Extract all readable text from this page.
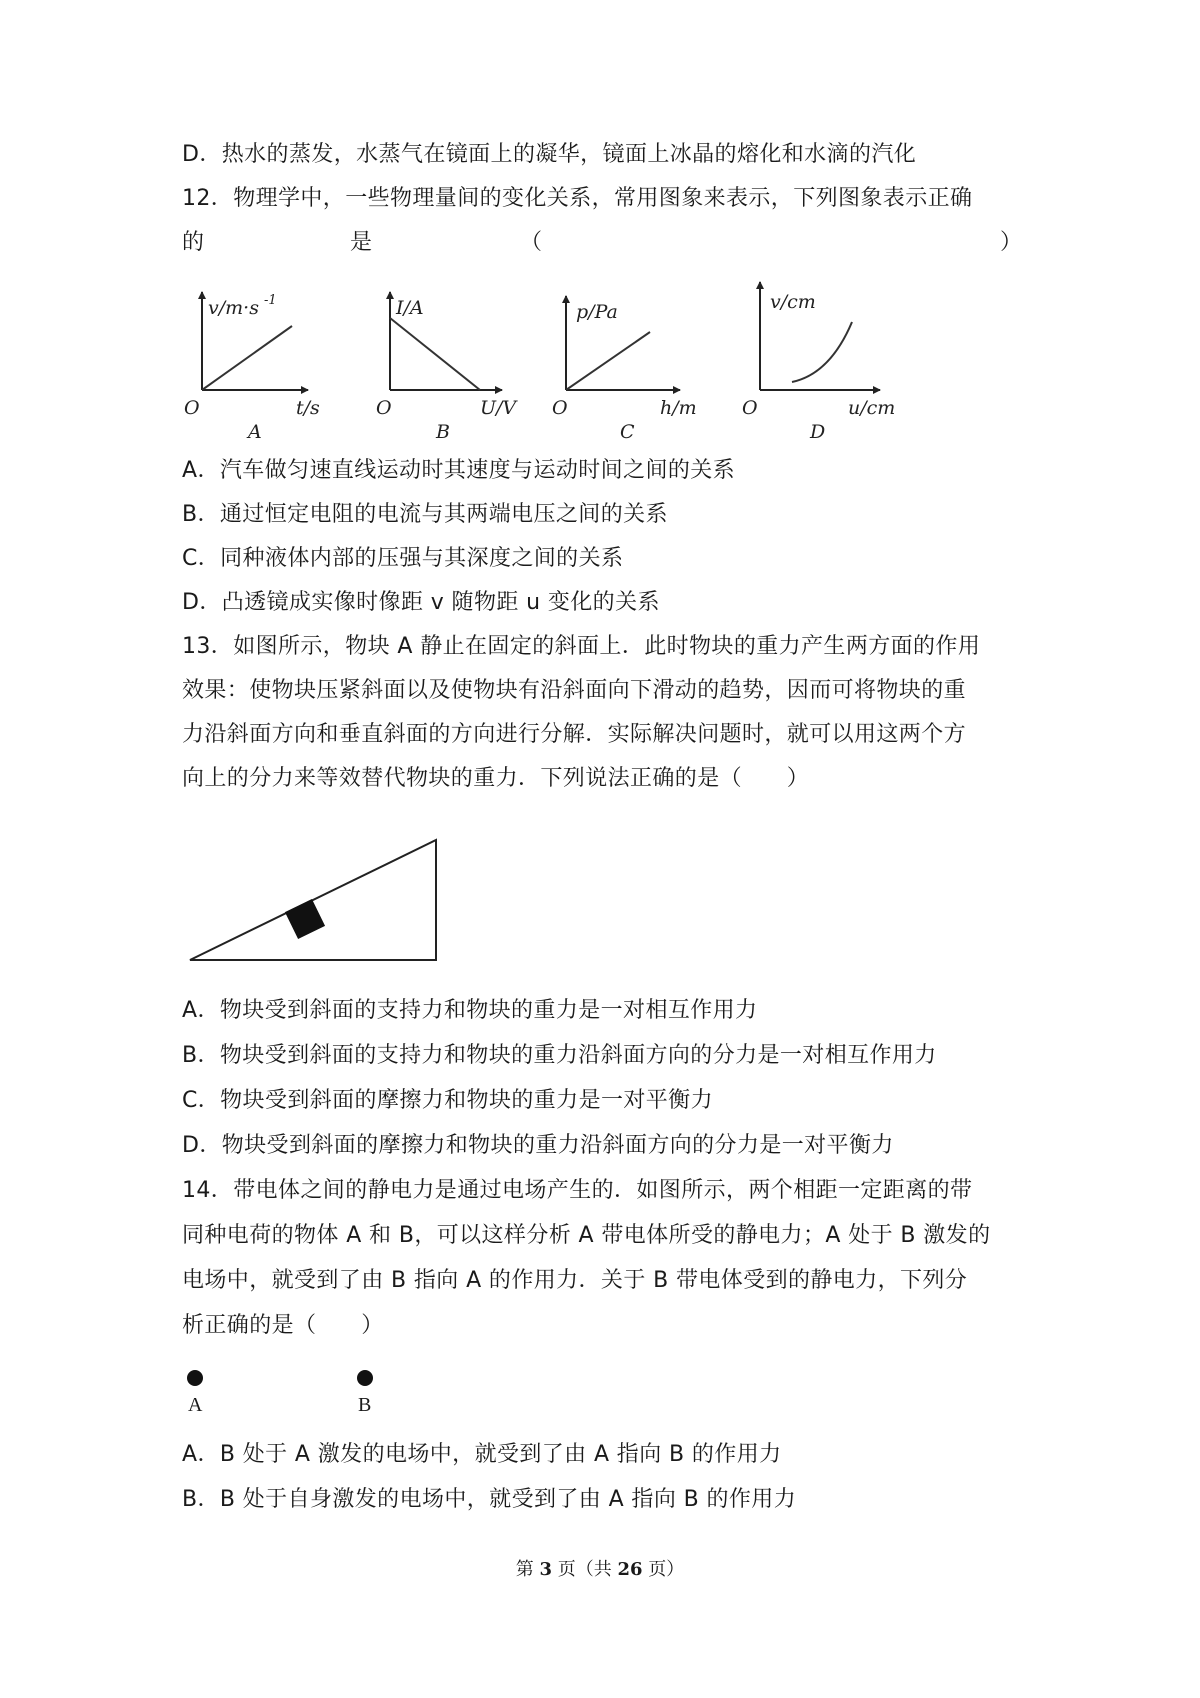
D．热水的蒸发，水蒸气在镜面上的凝华，镜面上冰晶的熔化和水滴的汽化
12．物理学中，一些物理量间的变化关系，常用图象来表示，下列图象表示正确
的	是	（	）
v/m·s -1
t/s
O
A
I/A
U/V
O
B
p/Pa
h/m
O
C
v/cm
u/cm
O
D
A．汽车做匀速直线运动时其速度与运动时间之间的关系
B．通过恒定电阻的电流与其两端电压之间的关系
C．同种液体内部的压强与其深度之间的关系
D．凸透镜成实像时像距 v 随物距 u 变化的关系
13．如图所示，物块 A 静止在固定的斜面上．此时物块的重力产生两方面的作用
效果：使物块压紧斜面以及使物块有沿斜面向下滑动的趋势，因而可将物块的重
力沿斜面方向和垂直斜面的方向进行分解．实际解决问题时，就可以用这两个方
向上的分力来等效替代物块的重力．下列说法正确的是（　　）
A．物块受到斜面的支持力和物块的重力是一对相互作用力
B．物块受到斜面的支持力和物块的重力沿斜面方向的分力是一对相互作用力
C．物块受到斜面的摩擦力和物块的重力是一对平衡力
D．物块受到斜面的摩擦力和物块的重力沿斜面方向的分力是一对平衡力
14．带电体之间的静电力是通过电场产生的．如图所示，两个相距一定距离的带
同种电荷的物体 A 和 B，可以这样分析 A 带电体所受的静电力；A 处于 B 激发的
电场中，就受到了由 B 指向 A 的作用力．关于 B 带电体受到的静电力，下列分
析正确的是（　　）
A	B
A．B 处于 A 激发的电场中，就受到了由 A 指向 B 的作用力
B．B 处于自身激发的电场中，就受到了由 A 指向 B 的作用力
第 3 页（共 26 页）
